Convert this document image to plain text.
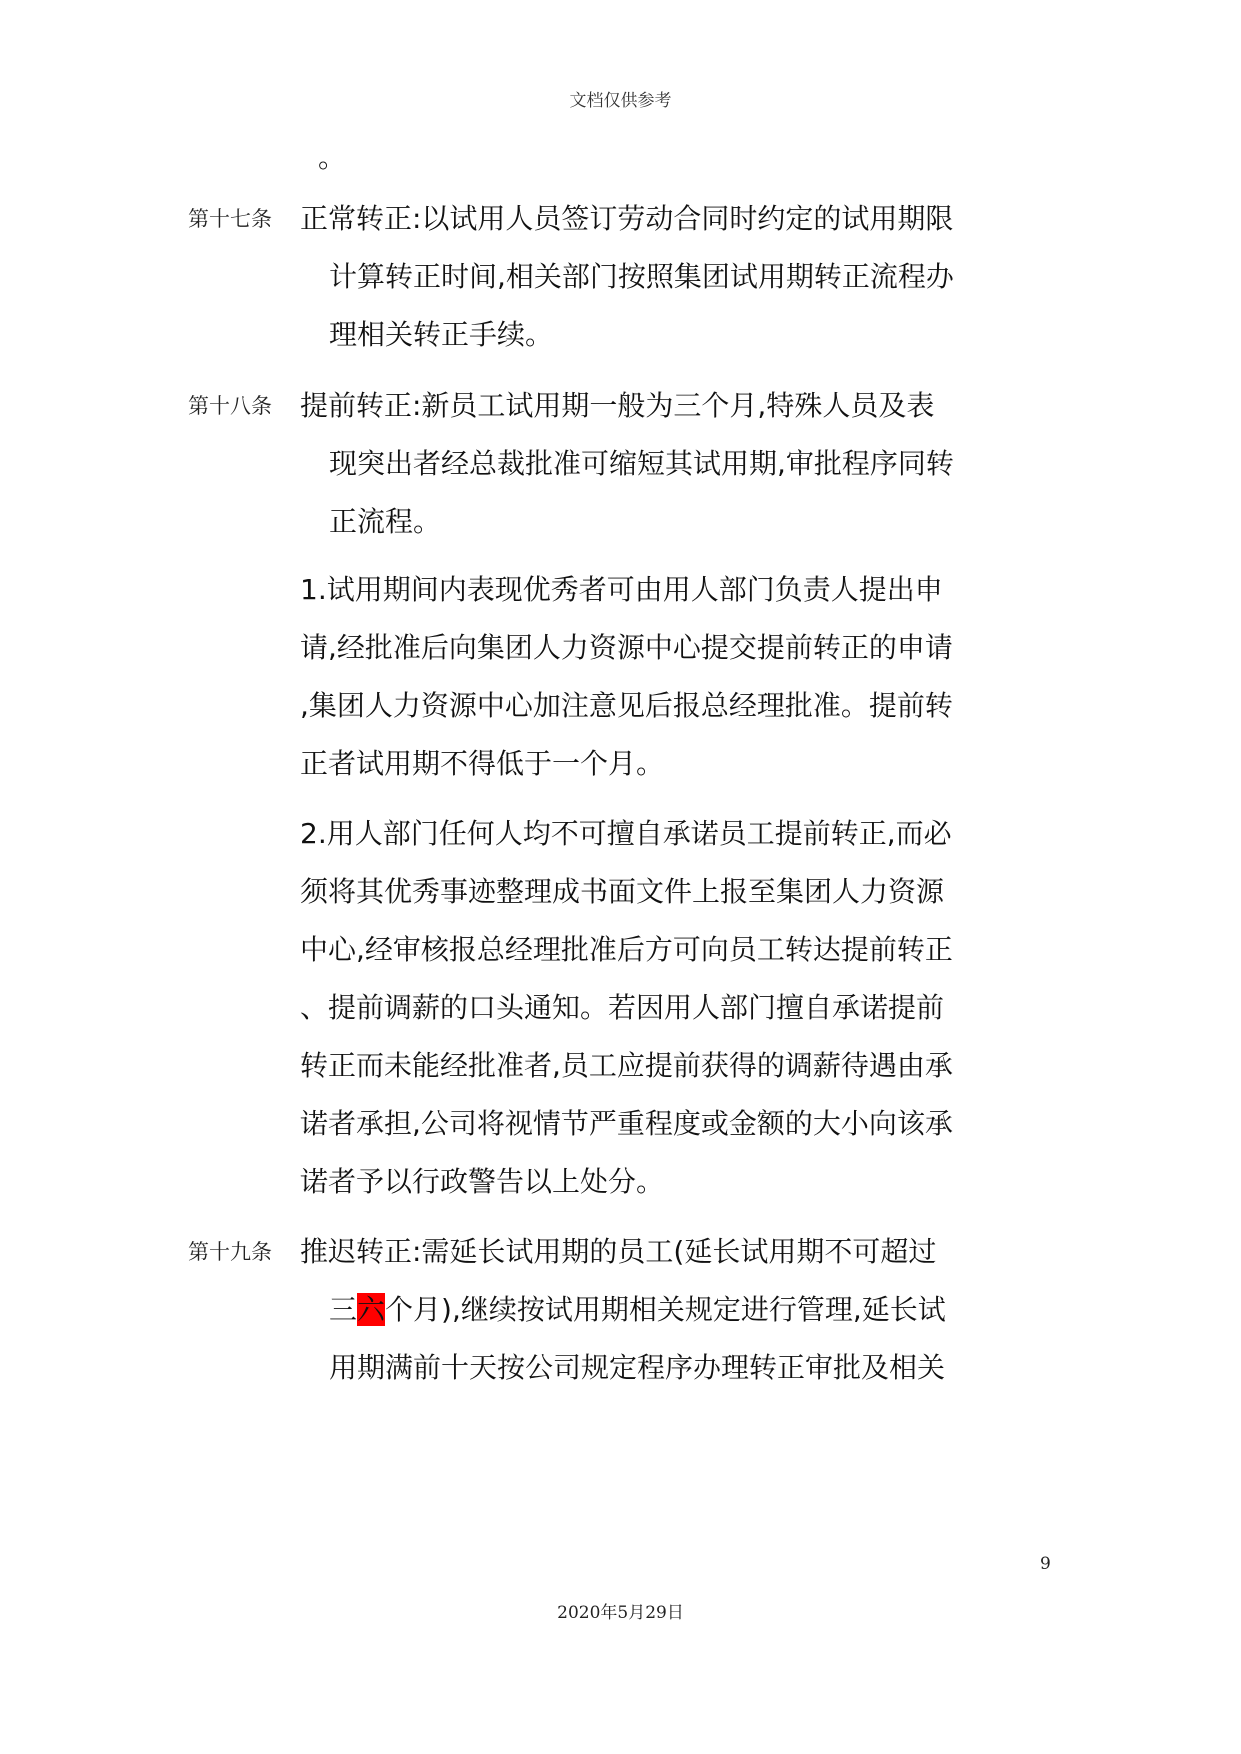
文档仅供参考
。
第十七条 正常转正:以试用人员签订劳动合同时约定的试用期限
计算转正时间,相关部门按照集团试用期转正流程办
理相关转正手续。
第十八条 提前转正:新员工试用期一般为三个月,特殊人员及表
现突出者经总裁批准可缩短其试用期,审批程序同转
正流程。
1.试用期间内表现优秀者可由用人部门负责人提出申
请,经批准后向集团人力资源中心提交提前转正的申请
,集团人力资源中心加注意见后报总经理批准。提前转
正者试用期不得低于一个月。
2.用人部门任何人均不可擅自承诺员工提前转正,而必
须将其优秀事迹整理成书面文件上报至集团人力资源
中心,经审核报总经理批准后方可向员工转达提前转正
、提前调薪的口头通知。若因用人部门擅自承诺提前
转正而未能经批准者,员工应提前获得的调薪待遇由承
诺者承担,公司将视情节严重程度或金额的大小向该承
诺者予以行政警告以上处分。
第十九条 推迟转正:需延长试用期的员工(延长试用期不可超过
三六个月),继续按试用期相关规定进行管理,延长试
用期满前十天按公司规定程序办理转正审批及相关
9
2020年5月29日
